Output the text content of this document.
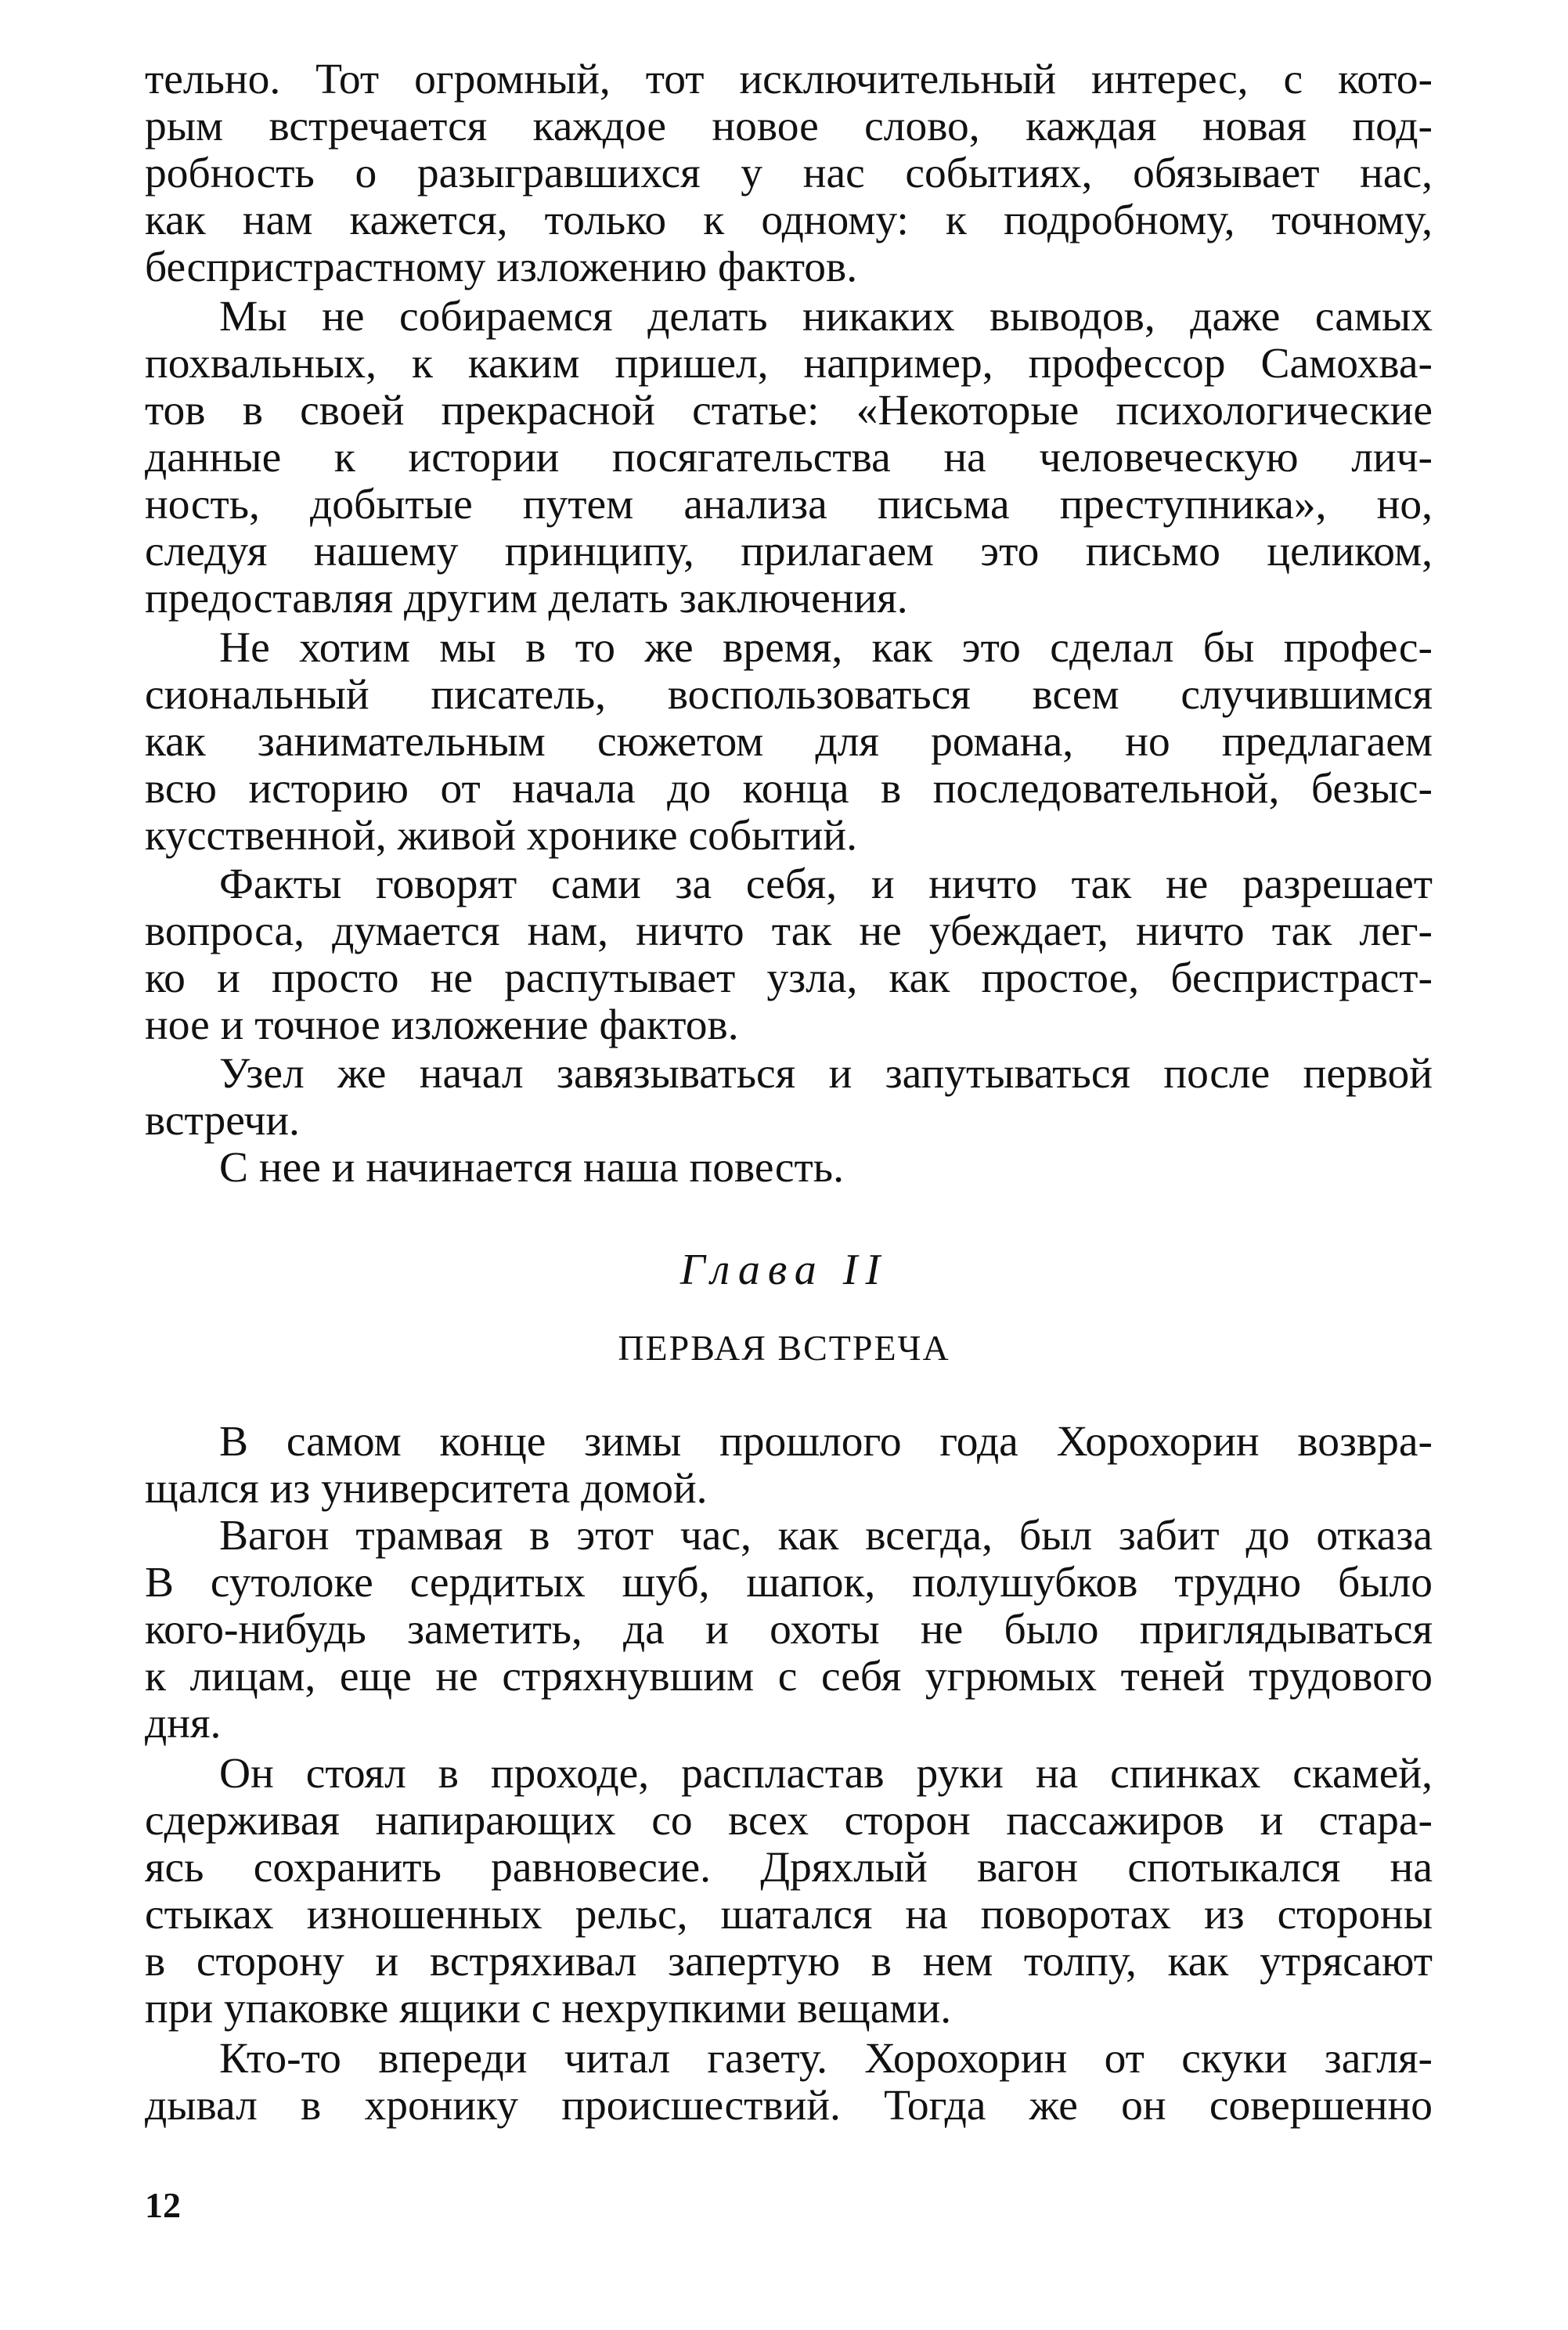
тельно. Тот огромный, тот исключительный интерес, с кото-
рым встречается каждое новое слово, каждая новая под-
робность о разыгравшихся у нас событиях, обязывает нас,
как нам кажется, только к одному: к подробному, точному,
беспристрастному изложению фактов.
Мы не собираемся делать никаких выводов, даже самых
похвальных, к каким пришел, например, профессор Самохва-
тов в своей прекрасной статье: «Некоторые психологические
данные к истории посягательства на человеческую лич-
ность, добытые путем анализа письма преступника», но,
следуя нашему принципу, прилагаем это письмо целиком,
предоставляя другим делать заключения.
Не хотим мы в то же время, как это сделал бы профес-
сиональный писатель, воспользоваться всем случившимся
как занимательным сюжетом для романа, но предлагаем
всю историю от начала до конца в последовательной, безыс-
кусственной, живой хронике событий.
Факты говорят сами за себя, и ничто так не разрешает
вопроса, думается нам, ничто так не убеждает, ничто так лег-
ко и просто не распутывает узла, как простое, беспристраст-
ное и точное изложение фактов.
Узел же начал завязываться и запутываться после первой
встречи.
С нее и начинается наша повесть.
Глава II
ПЕРВАЯ ВСТРЕЧА
В самом конце зимы прошлого года Хорохорин возвра-
щался из университета домой.
Вагон трамвая в этот час, как всегда, был забит до отказа
В сутолоке сердитых шуб, шапок, полушубков трудно было
кого-нибудь заметить, да и охоты не было приглядываться
к лицам, еще не стряхнувшим с себя угрюмых теней трудового
дня.
Он стоял в проходе, распластав руки на спинках скамей,
сдерживая напирающих со всех сторон пассажиров и стара-
ясь сохранить равновесие. Дряхлый вагон спотыкался на
стыках изношенных рельс, шатался на поворотах из стороны
в сторону и встряхивал запертую в нем толпу, как утрясают
при упаковке ящики с нехрупкими вещами.
Кто-то впереди читал газету. Хорохорин от скуки загля-
дывал в хронику происшествий. Тогда же он совершенно
12
